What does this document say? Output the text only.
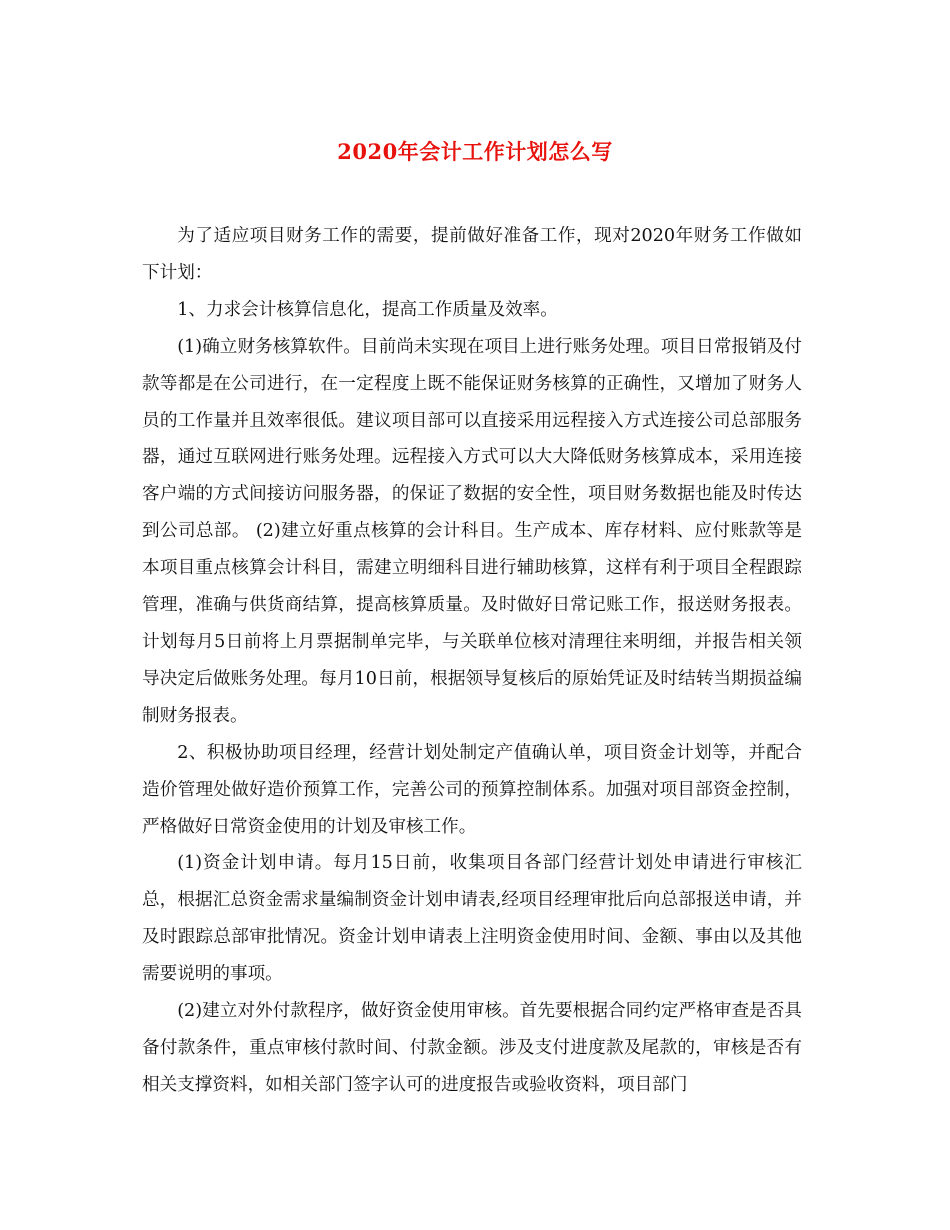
2020年会计工作计划怎么写

为了适应项目财务工作的需要，提前做好准备工作，现对2020年财务工作做如下计划：

1、力求会计核算信息化，提高工作质量及效率。

(1)确立财务核算软件。目前尚未实现在项目上进行账务处理。项目日常报销及付款等都是在公司进行，在一定程度上既不能保证财务核算的正确性，又增加了财务人员的工作量并且效率很低。建议项目部可以直接采用远程接入方式连接公司总部服务器，通过互联网进行账务处理。远程接入方式可以大大降低财务核算成本，采用连接客户端的方式间接访问服务器，的保证了数据的安全性，项目财务数据也能及时传达到公司总部。 (2)建立好重点核算的会计科目。生产成本、库存材料、应付账款等是本项目重点核算会计科目，需建立明细科目进行辅助核算，这样有利于项目全程跟踪管理，准确与供货商结算，提高核算质量。及时做好日常记账工作，报送财务报表。计划每月5日前将上月票据制单完毕，与关联单位核对清理往来明细，并报告相关领导决定后做账务处理。每月10日前，根据领导复核后的原始凭证及时结转当期损益编制财务报表。

2、积极协助项目经理，经营计划处制定产值确认单，项目资金计划等，并配合造价管理处做好造价预算工作，完善公司的预算控制体系。加强对项目部资金控制，严格做好日常资金使用的计划及审核工作。

(1)资金计划申请。每月15日前，收集项目各部门经营计划处申请进行审核汇总，根据汇总资金需求量编制资金计划申请表,经项目经理审批后向总部报送申请，并及时跟踪总部审批情况。资金计划申请表上注明资金使用时间、金额、事由以及其他需要说明的事项。

(2)建立对外付款程序，做好资金使用审核。首先要根据合同约定严格审查是否具备付款条件，重点审核付款时间、付款金额。涉及支付进度款及尾款的，审核是否有相关支撑资料，如相关部门签字认可的进度报告或验收资料，项目部门
